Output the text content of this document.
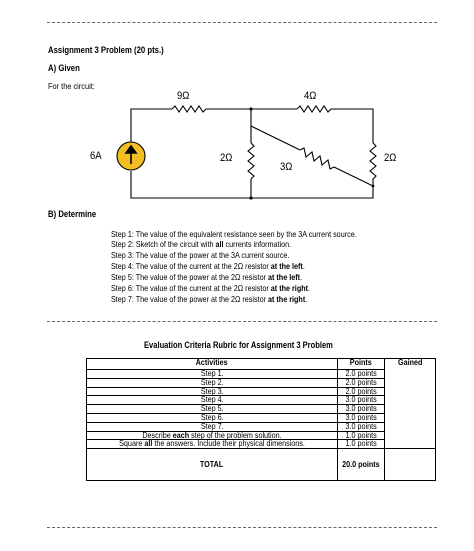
Assignment 3 Problem (20 pts.)
A) Given
For the circuit:
6A
9Ω	4Ω
2Ω
3Ω
2Ω
B) Determine
Step 1: The value of the equivalent resistance seen by the 3A current source.
Step 2: Sketch of the circuit with all currents information.
Step 3: The value of the power at the 3A current source.
Step 4: The value of the current at the 2Ω resistor at the left.
Step 5: The value of the power at the 2Ω resistor at the left.
Step 6: The value of the current at the 2Ω resistor at the right.
Step 7: The value of the power at the 2Ω resistor at the right.
Evaluation Criteria Rubric for Assignment 3 Problem
Activities	Points	Gained
Step 1.	2.0 points	
Step 2.	2.0 points	
Step 3.	2.0 points	
Step 4.	3.0 points	
Step 5.	3.0 points	
Step 6.	3.0 points	
Step 7.	3.0 points	
Describe each step of the problem solution.	1.0 points	
Square all the answers. Include their physical dimensions.	1.0 points	
TOTAL	20.0 points	
